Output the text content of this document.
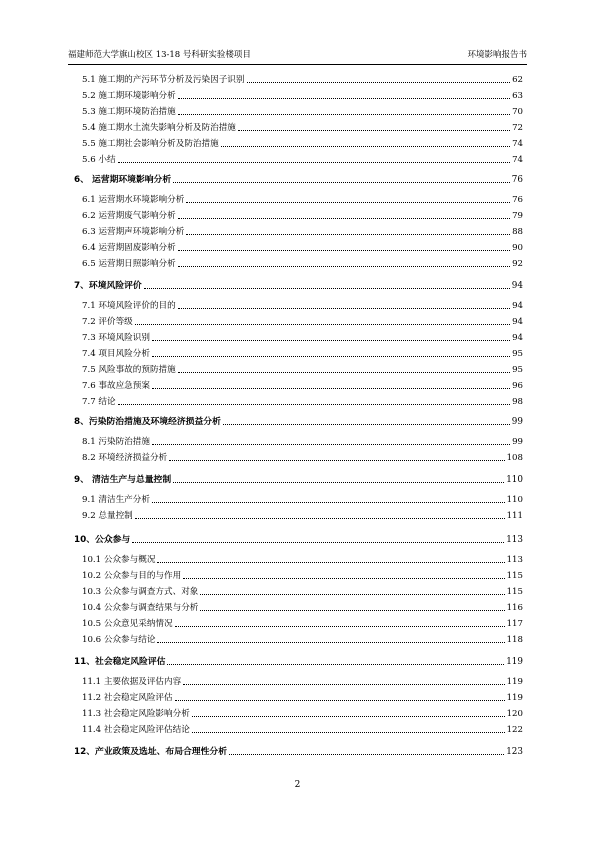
福建师范大学旗山校区 13-18 号科研实验楼项目	环境影响报告书
5.1 施工期的产污环节分析及污染因子识别	62
5.2 施工期环境影响分析	63
5.3 施工期环境防治措施	70
5.4 施工期水土流失影响分析及防治措施	72
5.5 施工期社会影响分析及防治措施	74
5.6 小结	74
6、 运营期环境影响分析	76
6.1 运营期水环境影响分析	76
6.2 运营期废气影响分析	79
6.3 运营期声环境影响分析	88
6.4 运营期固废影响分析	90
6.5 运营期日照影响分析	92
7、环境风险评价	94
7.1 环境风险评价的目的	94
7.2 评价等级	94
7.3 环境风险识别	94
7.4 项目风险分析	95
7.5 风险事故的预防措施	95
7.6 事故应急预案	96
7.7 结论	98
8、污染防治措施及环境经济损益分析	99
8.1 污染防治措施	99
8.2 环境经济损益分析	108
9、 清洁生产与总量控制	110
9.1 清洁生产分析	110
9.2 总量控制	111
10、公众参与	113
10.1 公众参与概况	113
10.2 公众参与目的与作用	115
10.3 公众参与调查方式、对象	115
10.4 公众参与调查结果与分析	116
10.5 公众意见采纳情况	117
10.6 公众参与结论	118
11、社会稳定风险评估	119
11.1 主要依据及评估内容	119
11.2 社会稳定风险评估	119
11.3 社会稳定风险影响分析	120
11.4 社会稳定风险评估结论	122
12、产业政策及选址、布局合理性分析	123
2
